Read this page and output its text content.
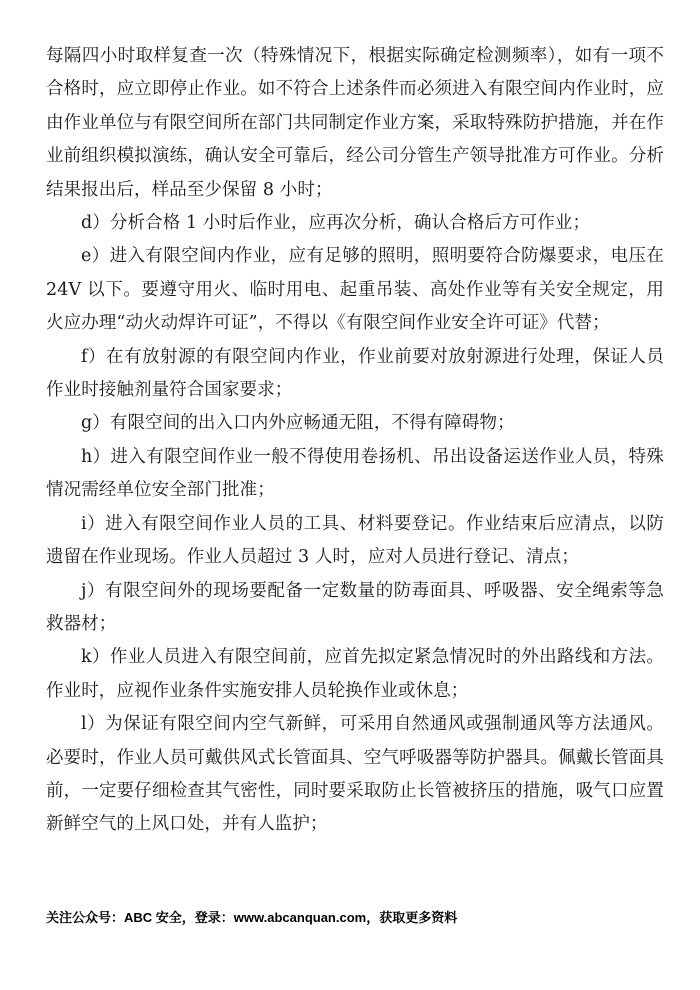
每隔四小时取样复查一次（特殊情况下，根据实际确定检测频率），如有一项不合格时，应立即停止作业。如不符合上述条件而必须进入有限空间内作业时，应由作业单位与有限空间所在部门共同制定作业方案，采取特殊防护措施，并在作业前组织模拟演练，确认安全可靠后，经公司分管生产领导批准方可作业。分析结果报出后，样品至少保留 8 小时；

d）分析合格 1 小时后作业，应再次分析，确认合格后方可作业；

e）进入有限空间内作业，应有足够的照明，照明要符合防爆要求，电压在 24V 以下。要遵守用火、临时用电、起重吊装、高处作业等有关安全规定，用火应办理“动火动焊许可证”，不得以《有限空间作业安全许可证》代替；

f）在有放射源的有限空间内作业，作业前要对放射源进行处理，保证人员作业时接触剂量符合国家要求；

g）有限空间的出入口内外应畅通无阻，不得有障碍物；

h）进入有限空间作业一般不得使用卷扬机、吊出设备运送作业人员，特殊情况需经单位安全部门批准；

i）进入有限空间作业人员的工具、材料要登记。作业结束后应清点，以防遗留在作业现场。作业人员超过 3 人时，应对人员进行登记、清点；

j）有限空间外的现场要配备一定数量的防毒面具、呼吸器、安全绳索等急救器材；

k）作业人员进入有限空间前，应首先拟定紧急情况时的外出路线和方法。作业时，应视作业条件实施安排人员轮换作业或休息；

l）为保证有限空间内空气新鲜，可采用自然通风或强制通风等方法通风。必要时，作业人员可戴供风式长管面具、空气呼吸器等防护器具。佩戴长管面具前，一定要仔细检查其气密性，同时要采取防止长管被挤压的措施，吸气口应置新鲜空气的上风口处，并有人监护；

关注公众号：ABC 安全，登录：www.abcanquan.com，获取更多资料
